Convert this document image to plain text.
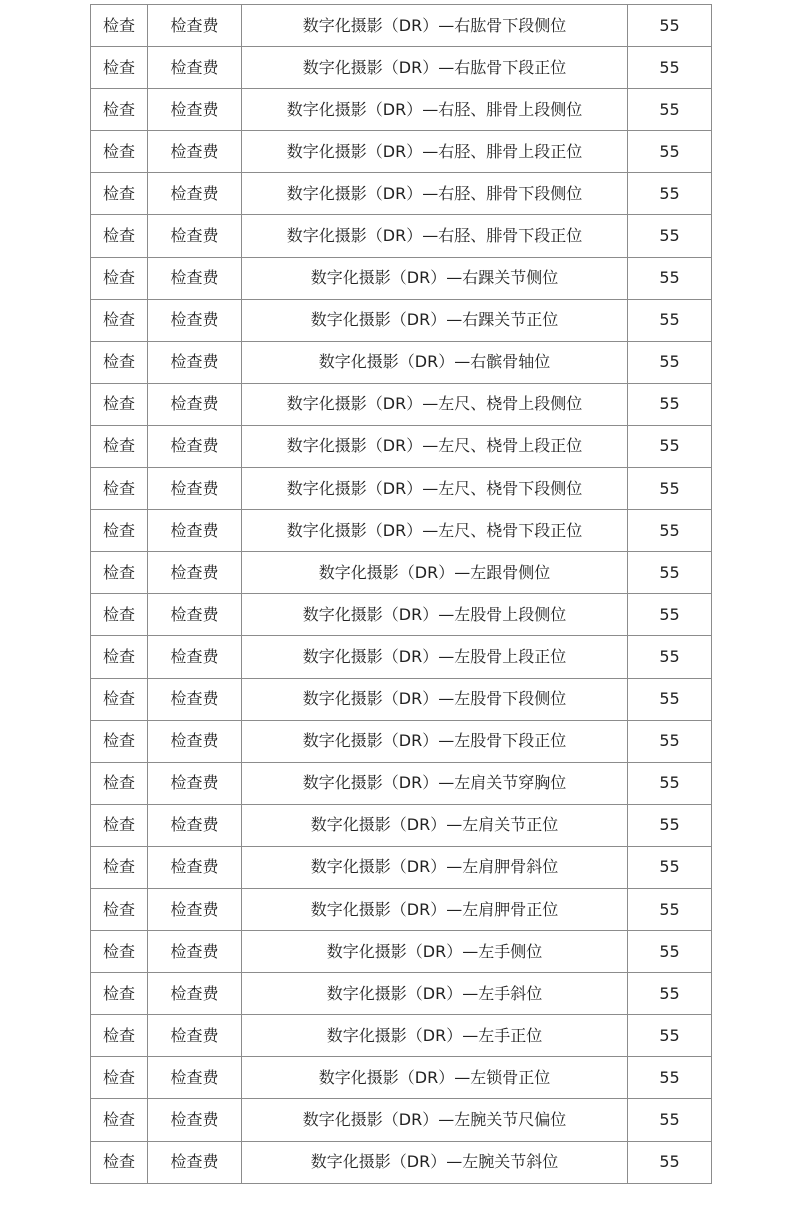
检查	检查费	数字化摄影（DR）—右肱骨下段侧位	55
检查	检查费	数字化摄影（DR）—右肱骨下段正位	55
检查	检查费	数字化摄影（DR）—右胫、腓骨上段侧位	55
检查	检查费	数字化摄影（DR）—右胫、腓骨上段正位	55
检查	检查费	数字化摄影（DR）—右胫、腓骨下段侧位	55
检查	检查费	数字化摄影（DR）—右胫、腓骨下段正位	55
检查	检查费	数字化摄影（DR）—右踝关节侧位	55
检查	检查费	数字化摄影（DR）—右踝关节正位	55
检查	检查费	数字化摄影（DR）—右髌骨轴位	55
检查	检查费	数字化摄影（DR）—左尺、桡骨上段侧位	55
检查	检查费	数字化摄影（DR）—左尺、桡骨上段正位	55
检查	检查费	数字化摄影（DR）—左尺、桡骨下段侧位	55
检查	检查费	数字化摄影（DR）—左尺、桡骨下段正位	55
检查	检查费	数字化摄影（DR）—左跟骨侧位	55
检查	检查费	数字化摄影（DR）—左股骨上段侧位	55
检查	检查费	数字化摄影（DR）—左股骨上段正位	55
检查	检查费	数字化摄影（DR）—左股骨下段侧位	55
检查	检查费	数字化摄影（DR）—左股骨下段正位	55
检查	检查费	数字化摄影（DR）—左肩关节穿胸位	55
检查	检查费	数字化摄影（DR）—左肩关节正位	55
检查	检查费	数字化摄影（DR）—左肩胛骨斜位	55
检查	检查费	数字化摄影（DR）—左肩胛骨正位	55
检查	检查费	数字化摄影（DR）—左手侧位	55
检查	检查费	数字化摄影（DR）—左手斜位	55
检查	检查费	数字化摄影（DR）—左手正位	55
检查	检查费	数字化摄影（DR）—左锁骨正位	55
检查	检查费	数字化摄影（DR）—左腕关节尺偏位	55
检查	检查费	数字化摄影（DR）—左腕关节斜位	55
